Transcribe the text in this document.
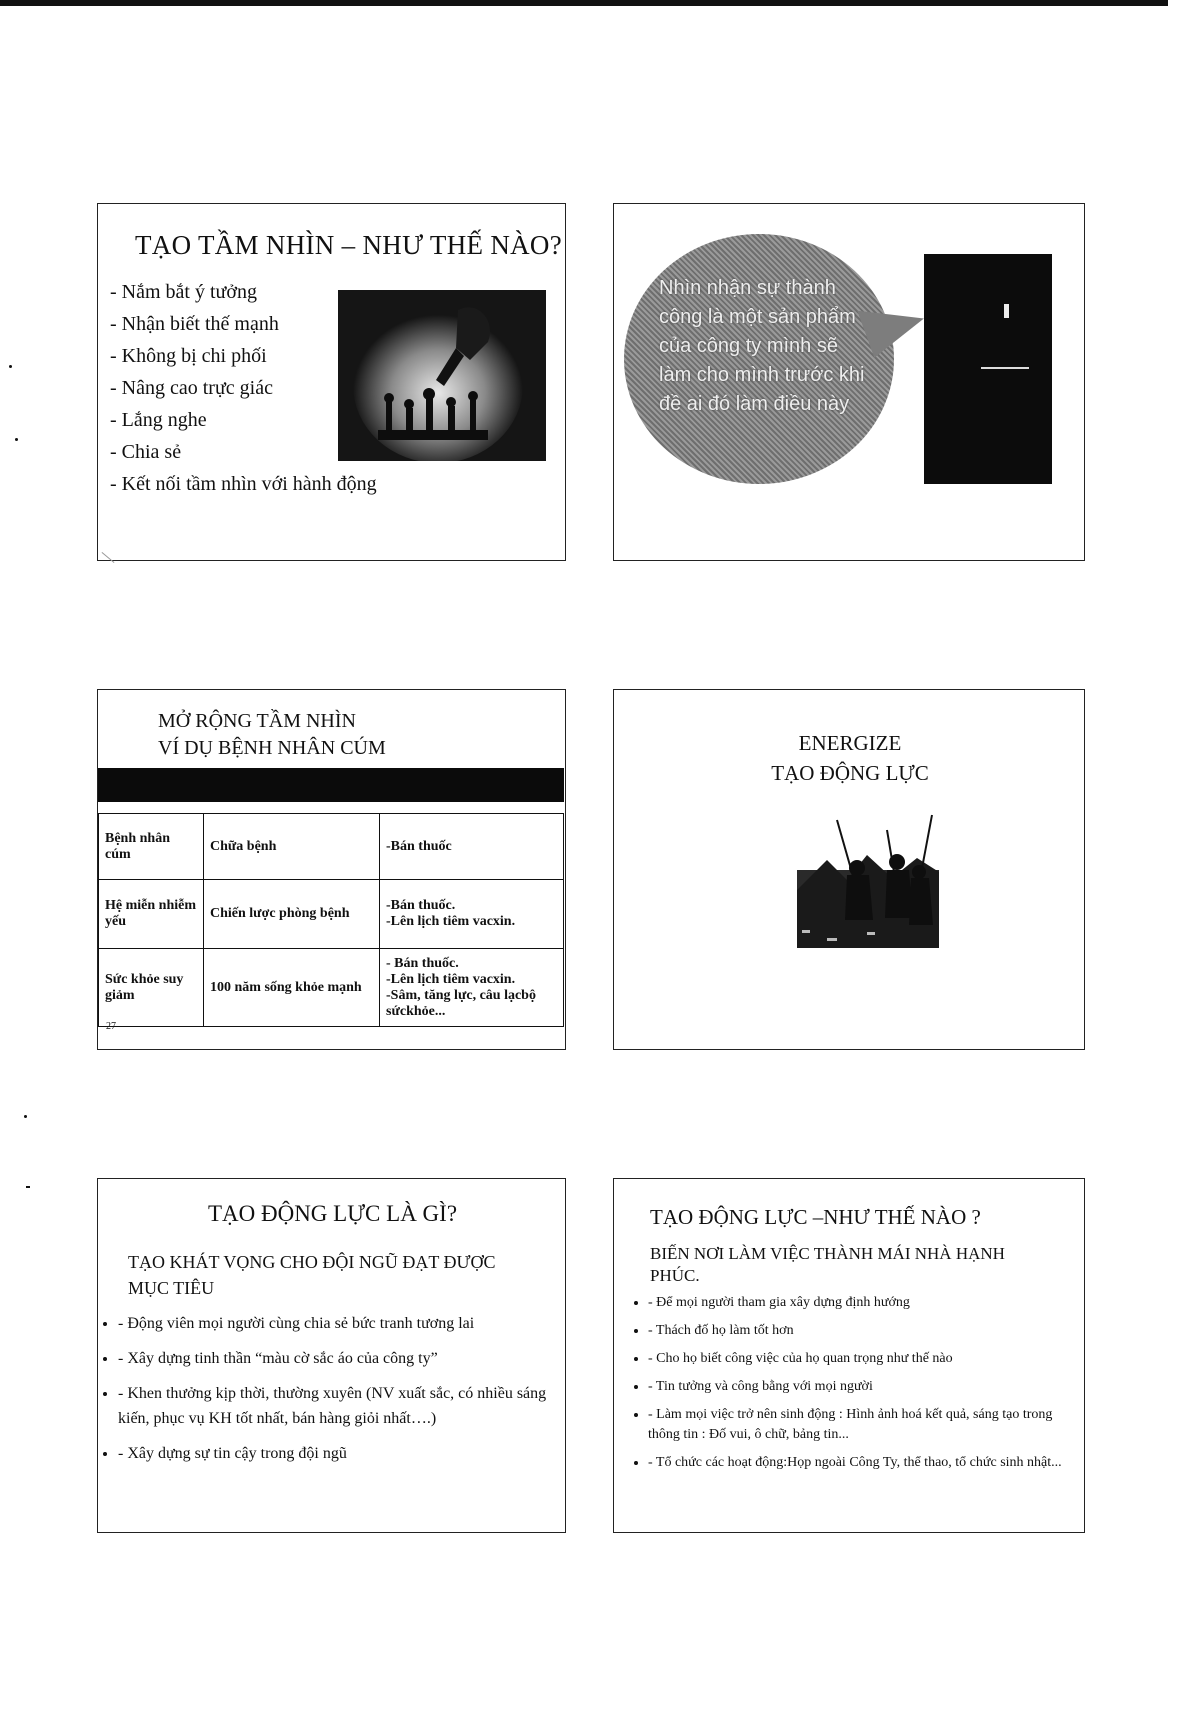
TẠO TẦM NHÌN – NHƯ THẾ NÀO?
- Nắm bắt ý tưởng
- Nhận biết thế mạnh
- Không bị chi phối
- Nâng cao trực giác
- Lắng nghe
- Chia sẻ
- Kết nối tầm nhìn với hành động
Nhìn nhận sự thành công là một sản phẩm của công ty mình sẽ làm cho mình trước khi đề ai đó làm điều này
MỞ RỘNG TẦM NHÌN
VÍ DỤ BỆNH NHÂN CÚM
Bệnh nhân cúm	Chữa bệnh	-Bán thuốc
Hệ miễn nhiễm yếu	Chiến lược phòng bệnh	-Bán thuốc.
-Lên lịch tiêm vacxin.

Sức khỏe suy giảm	100 năm sống khỏe mạnh	- Bán thuốc.
-Lên lịch tiêm vacxin.
-Sâm, tăng lực, câu lạcbộ sứckhỏe...
27
ENERGIZE
TẠO ĐỘNG LỰC
TẠO ĐỘNG LỰC LÀ GÌ?
TẠO KHÁT VỌNG CHO ĐỘI NGŨ ĐẠT ĐƯỢC
MỤC TIÊU
• - Động viên mọi người cùng chia sẻ bức tranh tương lai
• - Xây dựng tinh thần “màu cờ sắc áo của công ty”
• - Khen thưởng kịp thời, thường xuyên (NV xuất sắc, có nhiều sáng kiến, phục vụ KH tốt nhất, bán hàng giỏi nhất….)
• - Xây dựng sự tin cậy trong đội ngũ
TẠO ĐỘNG LỰC –NHƯ THẾ NÀO ?
BIẾN NƠI LÀM VIỆC THÀNH MÁI NHÀ HẠNH
PHÚC.
• - Để mọi người tham gia xây dựng định hướng
• - Thách đố họ làm tốt hơn
• - Cho họ biết công việc của họ quan trọng như thế nào
• - Tin tưởng và công bằng với mọi người
• - Làm mọi việc trở nên sinh động : Hình ảnh hoá kết quả, sáng tạo trong thông tin : Đố vui, ô chữ, bảng tin...
• - Tổ chức các hoạt động:Họp ngoài Công Ty, thể thao, tổ chức sinh nhật...
